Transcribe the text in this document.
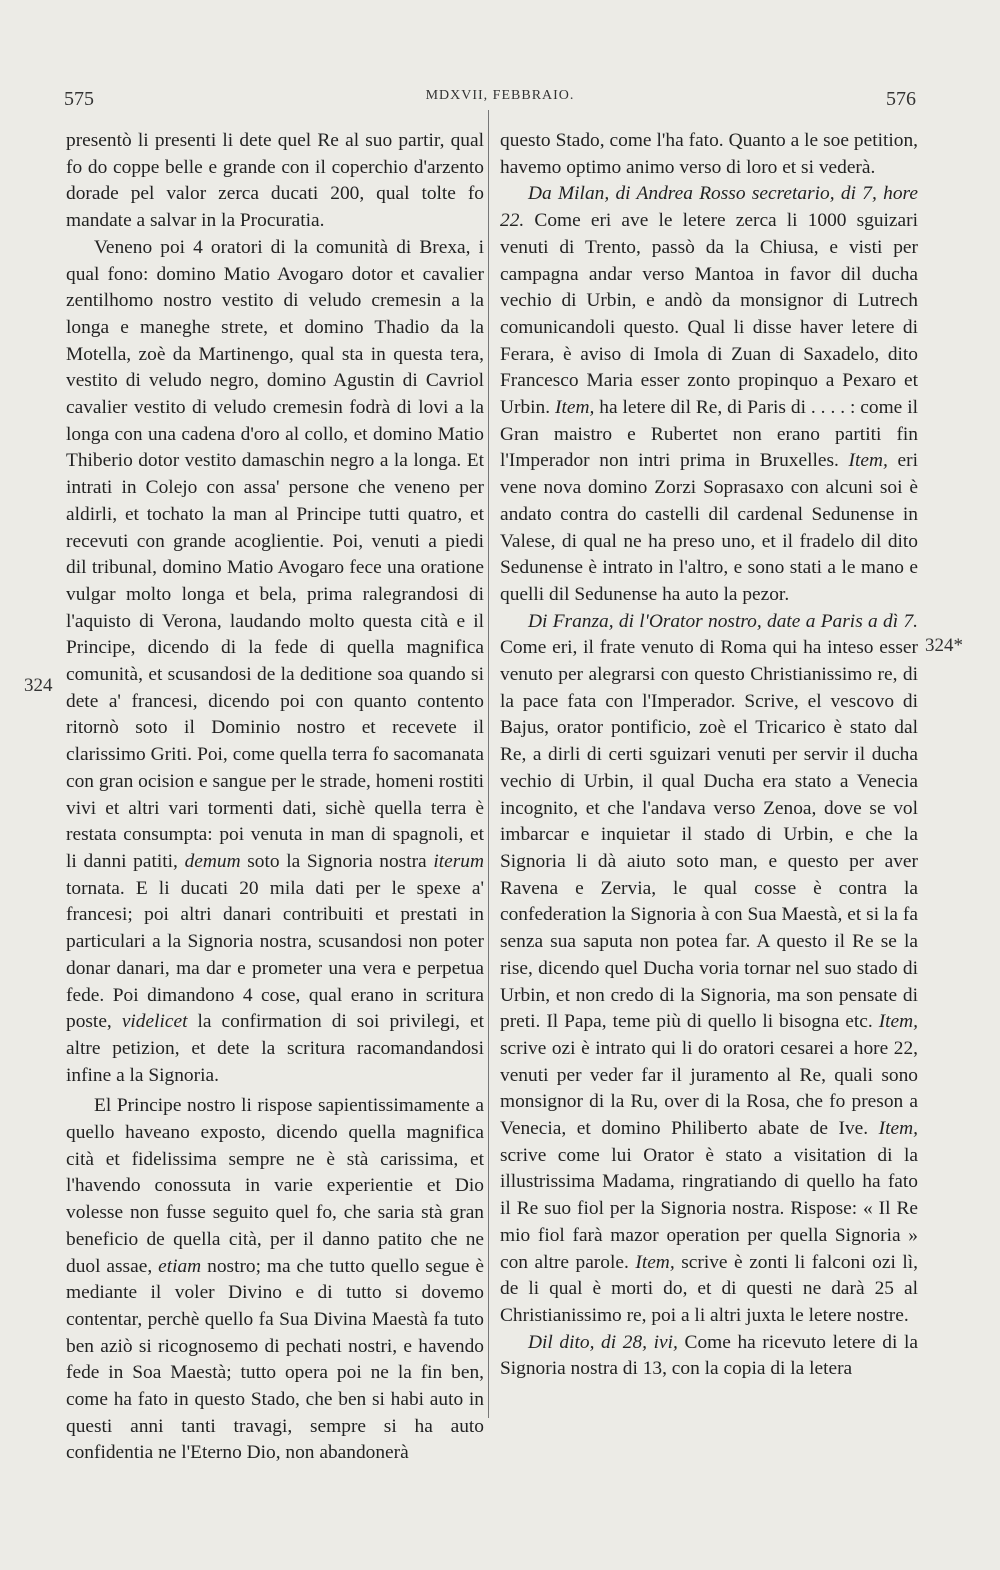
575	MDXVII, FEBBRAIO.	576
324
324*

presentò li presenti li dete quel Re al suo partir, qual fo do coppe belle e grande con il coperchio d'arzento dorade pel valor zerca ducati 200, qual tolte fo mandate a salvar in la Procuratia.

Veneno poi 4 oratori di la comunità di Brexa, i qual fono: domino Matio Avogaro dotor et cavalier zentilhomo nostro vestito di veludo cremesin a la longa e maneghe strete, et domino Thadio da la Motella, zoè da Martinengo, qual sta in questa tera, vestito di veludo negro, domino Agustin di Cavriol cavalier vestito di veludo cremesin fodrà di lovi a la longa con una cadena d'oro al collo, et domino Matio Thiberio dotor vestito damaschin negro a la longa. Et intrati in Colejo con assa' persone che veneno per aldirli, et tochato la man al Principe tutti quatro, et recevuti con grande acoglientie. Poi, venuti a piedi dil tribunal, domino Matio Avogaro fece una oratione vulgar molto longa et bela, prima ralegrandosi di l'aquisto di Verona, laudando molto questa cità e il Principe, dicendo di la fede di quella magnifica comunità, et scusandosi de la deditione soa quando si dete a' francesi, dicendo poi con quanto contento ritornò soto il Dominio nostro et recevete il clarissimo Griti. Poi, come quella terra fo sacomanata con gran ocision e sangue per le strade, homeni rostiti vivi et altri vari tormenti dati, sichè quella terra è restata consumpta: poi venuta in man di spagnoli, et li danni patiti, demum soto la Signoria nostra iterum tornata. E li ducati 20 mila dati per le spexe a' francesi; poi altri danari contribuiti et prestati in particulari a la Signoria nostra, scusandosi non poter donar danari, ma dar e prometer una vera e perpetua fede. Poi dimandono 4 cose, qual erano in scritura poste, videlicet la confirmation di soi privilegi, et altre petizion, et dete la scritura racomandandosi infine a la Signoria.

El Principe nostro li rispose sapientissimamente a quello haveano exposto, dicendo quella magnifica cità et fidelissima sempre ne è stà carissima, et l'havendo conossuta in varie experientie et Dio volesse non fusse seguito quel fo, che saria stà gran beneficio de quella cità, per il danno patito che ne duol assae, etiam nostro; ma che tutto quello segue è mediante il voler Divino e di tutto si dovemo contentar, perchè quello fa Sua Divina Maestà fa tuto ben aziò si ricognosemo di pechati nostri, e havendo fede in Soa Maestà; tutto opera poi ne la fin ben, come ha fato in questo Stado, che ben si habi auto in questi anni tanti travagi, sempre si ha auto confidentia ne l'Eterno Dio, non abandonerà

questo Stado, come l'ha fato. Quanto a le soe petition, havemo optimo animo verso di loro et si vederà.

Da Milan, di Andrea Rosso secretario, di 7, hore 22. Come eri ave le letere zerca li 1000 sguizari venuti di Trento, passò da la Chiusa, e visti per campagna andar verso Mantoa in favor dil ducha vechio di Urbin, e andò da monsignor di Lutrech comunicandoli questo. Qual li disse haver letere di Ferara, è aviso di Imola di Zuan di Saxadelo, dito Francesco Maria esser zonto propinquo a Pexaro et Urbin. Item, ha letere dil Re, di Paris di . . . . : come il Gran maistro e Rubertet non erano partiti fin l'Imperador non intri prima in Bruxelles. Item, eri vene nova domino Zorzi Soprasaxo con alcuni soi è andato contra do castelli dil cardenal Sedunense in Valese, di qual ne ha preso uno, et il fradelo dil dito Sedunense è intrato in l'altro, e sono stati a le mano e quelli dil Sedunense ha auto la pezor.

Di Franza, di l'Orator nostro, date a Paris a dì 7. Come eri, il frate venuto di Roma qui ha inteso esser venuto per alegrarsi con questo Christianissimo re, di la pace fata con l'Imperador. Scrive, el vescovo di Bajus, orator pontificio, zoè el Tricarico è stato dal Re, a dirli di certi sguizari venuti per servir il ducha vechio di Urbin, il qual Ducha era stato a Venecia incognito, et che l'andava verso Zenoa, dove se vol imbarcar e inquietar il stado di Urbin, e che la Signoria li dà aiuto soto man, e questo per aver Ravena e Zervia, le qual cosse è contra la confederation la Signoria à con Sua Maestà, et si la fa senza sua saputa non potea far. A questo il Re se la rise, dicendo quel Ducha voria tornar nel suo stado di Urbin, et non credo di la Signoria, ma son pensate di preti. Il Papa, teme più di quello li bisogna etc. Item, scrive ozi è intrato qui li do oratori cesarei a hore 22, venuti per veder far il juramento al Re, quali sono monsignor di la Ru, over di la Rosa, che fo preson a Venecia, et domino Philiberto abate de Ive. Item, scrive come lui Orator è stato a visitation di la illustrissima Madama, ringratiando di quello ha fato il Re suo fiol per la Signoria nostra. Rispose: « Il Re mio fiol farà mazor operation per quella Signoria » con altre parole. Item, scrive è zonti li falconi ozi lì, de li qual è morti do, et di questi ne darà 25 al Christianissimo re, poi a li altri juxta le letere nostre.

Dil dito, di 28, ivi, Come ha ricevuto letere di la Signoria nostra di 13, con la copia di la letera
